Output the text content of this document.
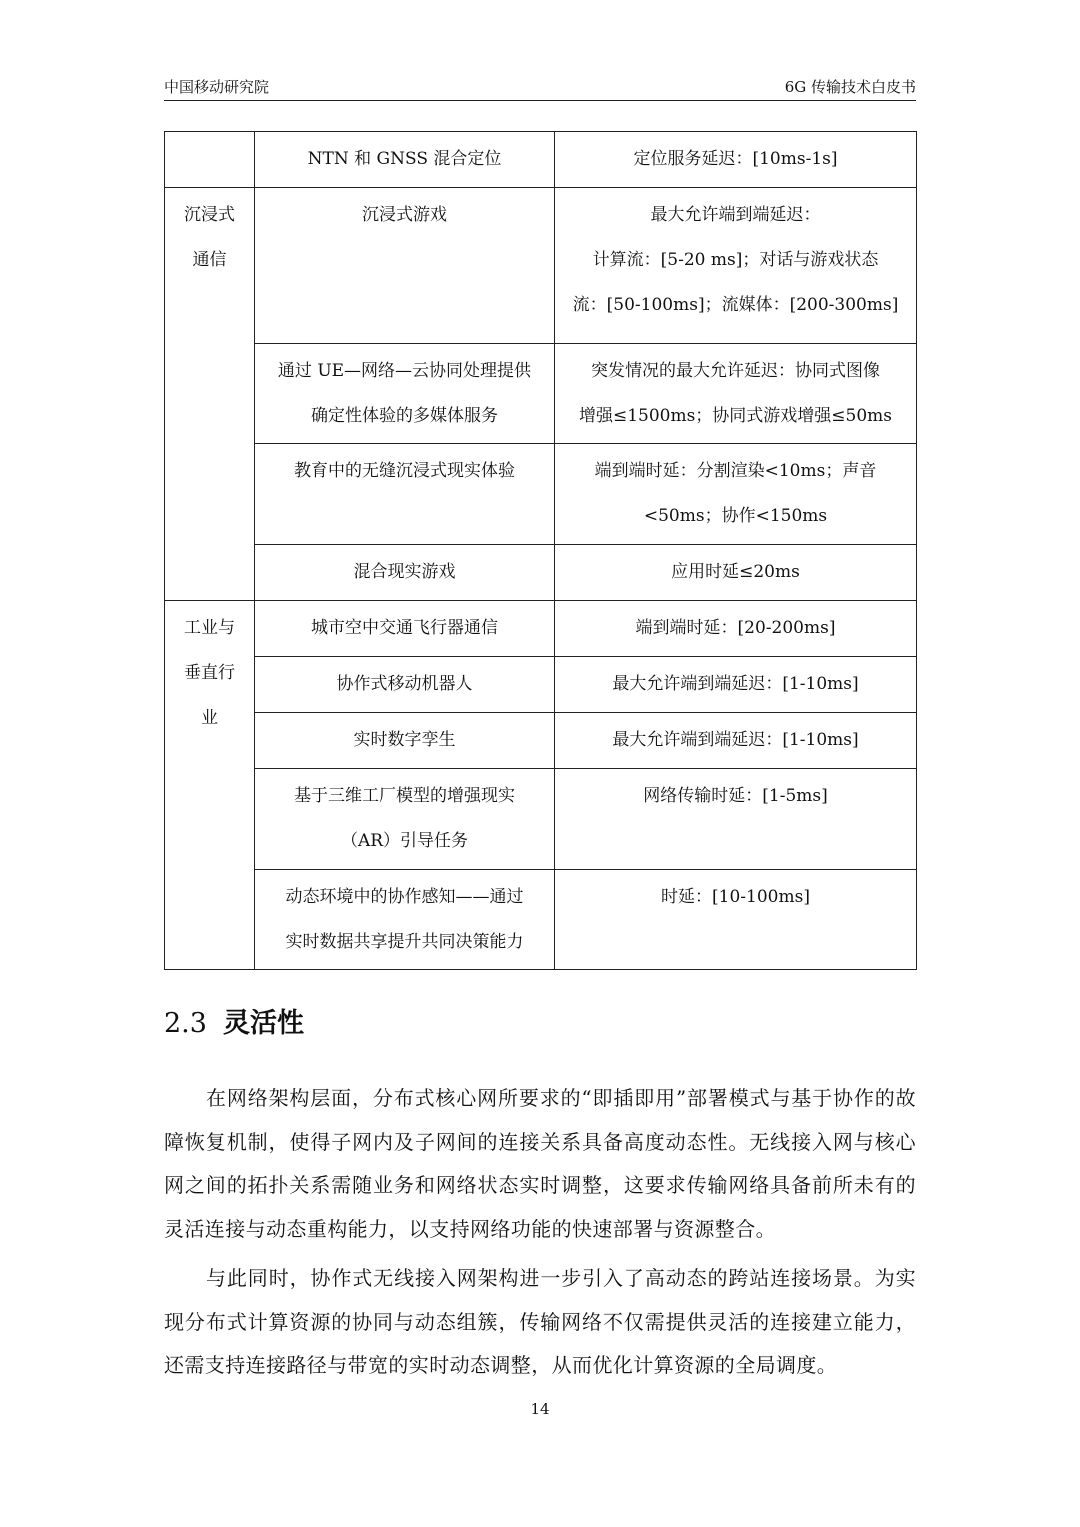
中国移动研究院	6G 传输技术白皮书

	NTN 和 GNSS 混合定位	定位服务延迟：[10ms-1s]

沉浸式
通信	沉浸式游戏	最大允许端到端延迟：
计算流：[5-20 ms]；对话与游戏状态
流：[50-100ms]；流媒体：[200-300ms]

	通过 UE—网络—云协同处理提供
确定性体验的多媒体服务	突发情况的最大允许延迟：协同式图像
增强≤1500ms；协同式游戏增强≤50ms

	教育中的无缝沉浸式现实体验	端到端时延：分割渲染<10ms；声音
<50ms；协作<150ms

	混合现实游戏	应用时延≤20ms

工业与
垂直行
业	城市空中交通飞行器通信	端到端时延：[20-200ms]

	协作式移动机器人	最大允许端到端延迟：[1-10ms]

	实时数字孪生	最大允许端到端延迟：[1-10ms]

	基于三维工厂模型的增强现实
（AR）引导任务	网络传输时延：[1-5ms]

	动态环境中的协作感知——通过
实时数据共享提升共同决策能力	时延：[10-100ms]
2.3 灵活性

在网络架构层面，分布式核心网所要求的“即插即用”部署模式与基于协作的故障恢复机制，使得子网内及子网间的连接关系具备高度动态性。无线接入网与核心网之间的拓扑关系需随业务和网络状态实时调整，这要求传输网络具备前所未有的灵活连接与动态重构能力，以支持网络功能的快速部署与资源整合。

与此同时，协作式无线接入网架构进一步引入了高动态的跨站连接场景。为实现分布式计算资源的协同与动态组簇，传输网络不仅需提供灵活的连接建立能力，还需支持连接路径与带宽的实时动态调整，从而优化计算资源的全局调度。

14
